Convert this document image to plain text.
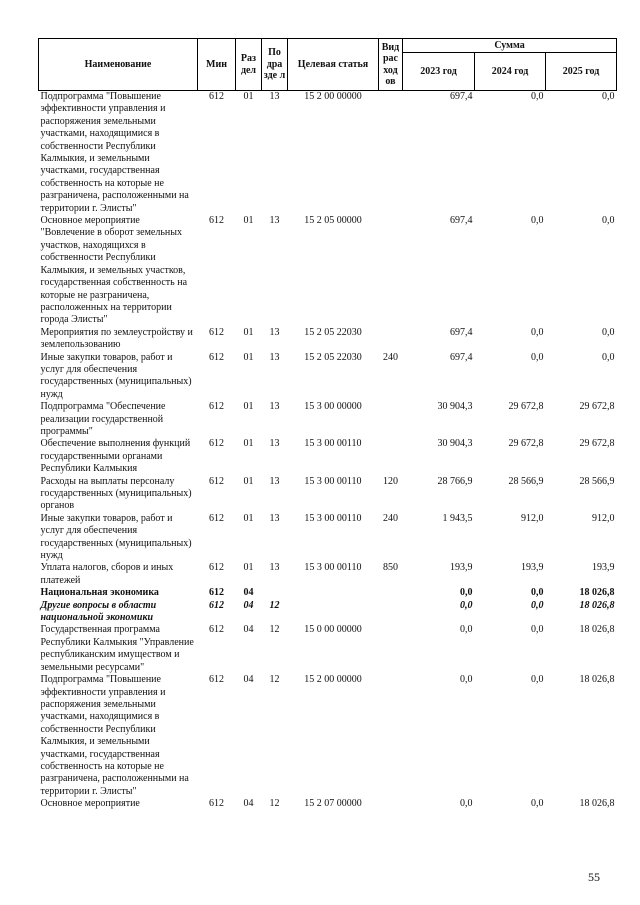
Наименование	Мин	Раз дел	По дра зде л	Целевая статья	Вид рас ход ов	Сумма		
						2023 год	2024 год	2025 год
Подпрограмма "Повышение эффективности управления и распоряжения земельными участками, находящимися в собственности Республики Калмыкия, и земельными участками, государственная собственность на которые не разграничена, расположенными на территории г. Элисты"	612	01	13	15 2 00 00000		697,4	0,0	0,0
Основное мероприятие "Вовлечение в оборот земельных участков, находящихся в собственности Республики Калмыкия, и земельных участков, государственная собственность на которые не разграничена, расположенных на территории города Элисты"	612	01	13	15 2 05 00000		697,4	0,0	0,0
Мероприятия по землеустройству и землепользованию	612	01	13	15 2 05 22030		697,4	0,0	0,0
Иные закупки товаров, работ и услуг для обеспечения государственных (муниципальных) нужд	612	01	13	15 2 05 22030	240	697,4	0,0	0,0
Подпрограмма "Обеспечение реализации государственной программы"	612	01	13	15 3 00 00000		30 904,3	29 672,8	29 672,8
Обеспечение выполнения функций государственными органами Республики Калмыкия	612	01	13	15 3 00 00110		30 904,3	29 672,8	29 672,8
Расходы на выплаты персоналу государственных (муниципальных) органов	612	01	13	15 3 00 00110	120	28 766,9	28 566,9	28 566,9
Иные закупки товаров, работ и услуг для обеспечения государственных (муниципальных) нужд	612	01	13	15 3 00 00110	240	1 943,5	912,0	912,0
Уплата налогов, сборов и иных платежей	612	01	13	15 3 00 00110	850	193,9	193,9	193,9
Национальная экономика	612	04				0,0	0,0	18 026,8
Другие вопросы в области национальной экономики	612	04	12			0,0	0,0	18 026,8
Государственная программа Республики Калмыкия "Управление республиканским имуществом и земельными ресурсами"	612	04	12	15 0 00 00000		0,0	0,0	18 026,8
Подпрограмма "Повышение эффективности управления и распоряжения земельными участками, находящимися в собственности Республики Калмыкия, и земельными участками, государственная собственность на которые не разграничена, расположенными на территории г. Элисты"	612	04	12	15 2 00 00000		0,0	0,0	18 026,8
Основное мероприятие	612	04	12	15 2 07 00000		0,0	0,0	18 026,8
55
